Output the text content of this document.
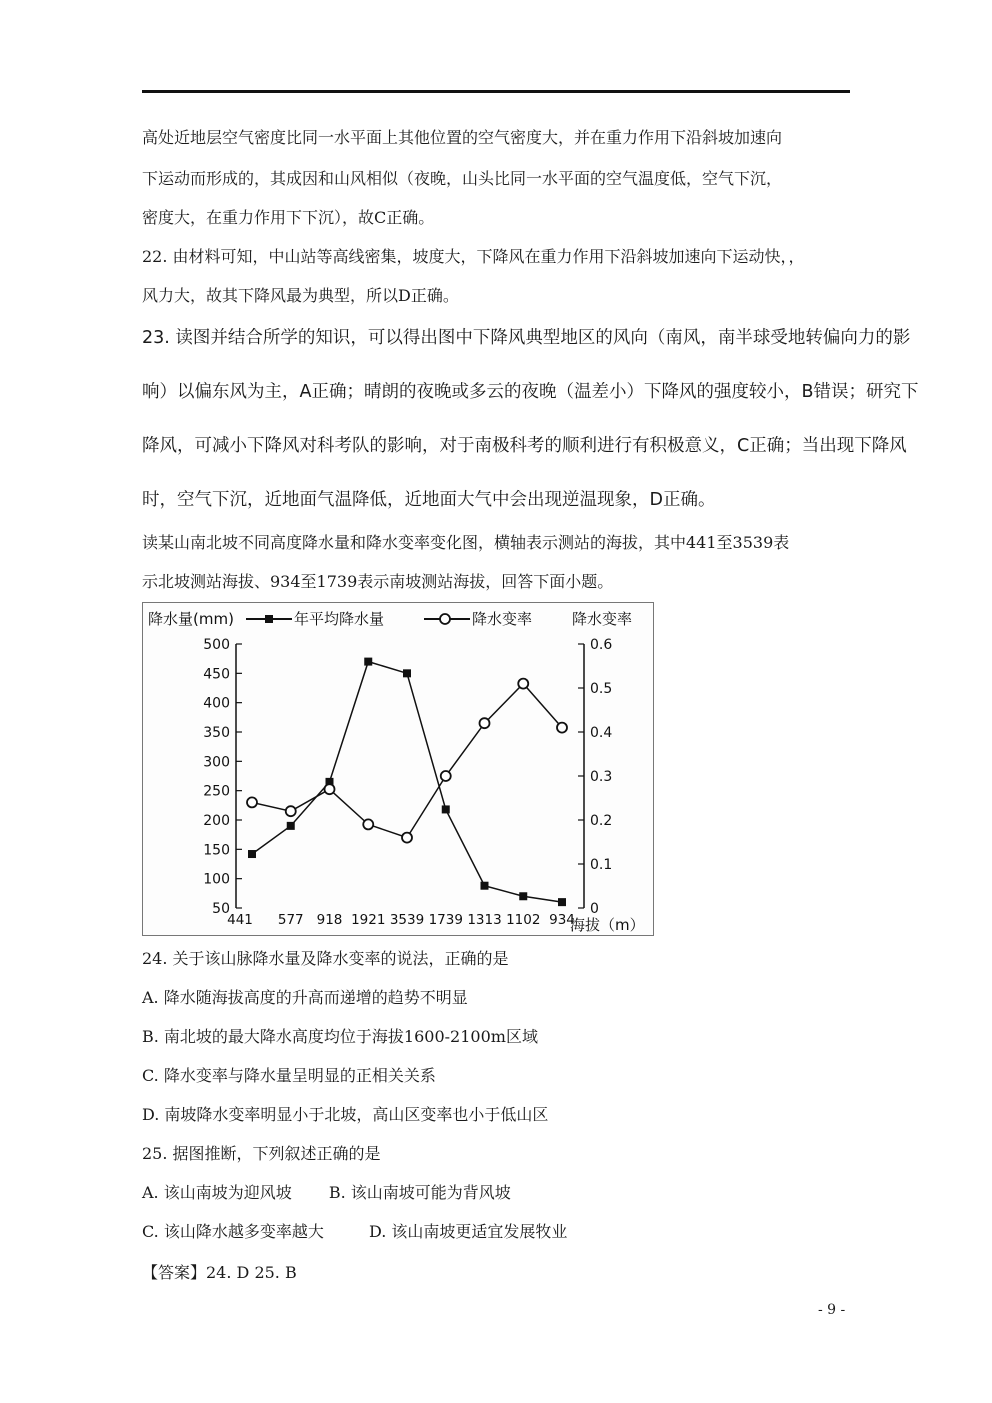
高处近地层空气密度比同一水平面上其他位置的空气密度大，并在重力作用下沿斜坡加速向
下运动而形成的，其成因和山风相似（夜晚，山头比同一水平面的空气温度低，空气下沉，
密度大，在重力作用下下沉），故C正确。
22. 由材料可知，中山站等高线密集，坡度大，下降风在重力作用下沿斜坡加速向下运动快，，
风力大，故其下降风最为典型，所以D正确。
23. 读图并结合所学的知识，可以得出图中下降风典型地区的风向（南风，南半球受地转偏向力的影
响）以偏东风为主，A正确；晴朗的夜晚或多云的夜晚（温差小）下降风的强度较小，B错误；研究下
降风，可减小下降风对科考队的影响，对于南极科考的顺利进行有积极意义，C正确；当出现下降风
时，空气下沉，近地面气温降低，近地面大气中会出现逆温现象，D正确。
读某山南北坡不同高度降水量和降水变率变化图，横轴表示测站的海拔，其中441至3539表
示北坡测站海拔、934至1739表示南坡测站海拔，回答下面小题。
降水量(mm)	年平均降水量	降水变率	降水变率
海拔（m）
50
100
150
200
250
300
350
400
450
500
0
0.1
0.2
0.3
0.4
0.5
0.6
441 577 918 1921 3539 1739 1313 1102 934
24. 关于该山脉降水量及降水变率的说法，正确的是
A. 降水随海拔高度的升高而递增的趋势不明显
B. 南北坡的最大降水高度均位于海拔1600-2100m区域
C. 降水变率与降水量呈明显的正相关关系
D. 南坡降水变率明显小于北坡，高山区变率也小于低山区
25. 据图推断，下列叙述正确的是
A. 该山南坡为迎风坡 B. 该山南坡可能为背风坡
C. 该山降水越多变率越大	D. 该山南坡更适宜发展牧业
【答案】24. D 25. B
- 9 -
